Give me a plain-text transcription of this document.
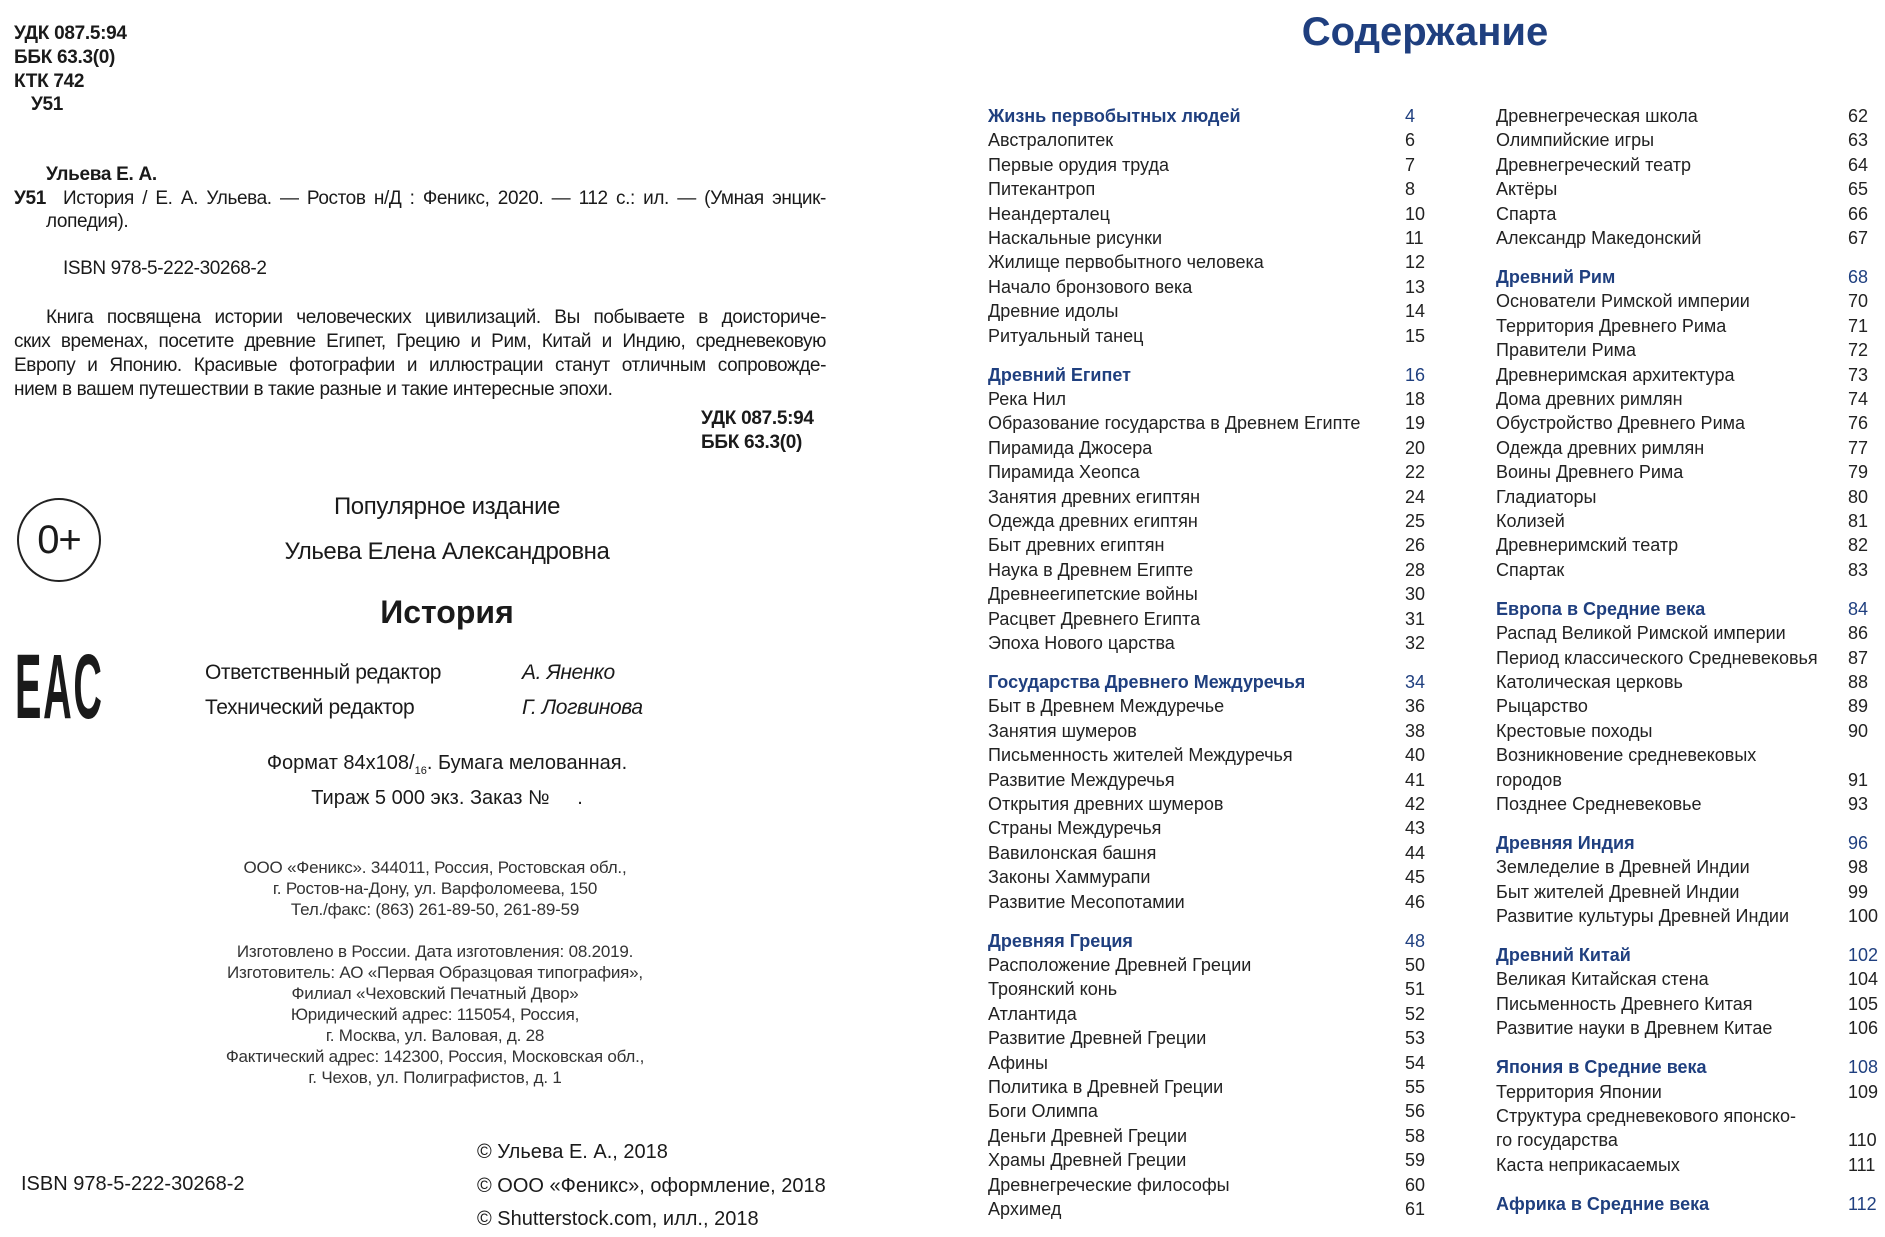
УДК 087.5:94
ББК 63.3(0)
КТК 742
У51
Ульева Е. А.
У51 История / Е. А. Ульева. — Ростов н/Д : Феникс, 2020. — 112 с.: ил. — (Умная энцик-
лопедия).
ISBN 978-5-222-30268-2
Книга посвящена истории человеческих цивилизаций. Вы побываете в доисториче-
ских временах, посетите древние Египет, Грецию и Рим, Китай и Индию, средневековую
Европу и Японию. Красивые фотографии и иллюстрации станут отличным сопровожде-
нием в вашем путешествии в такие разные и такие интересные эпохи.
УДК 087.5:94
ББК 63.3(0)
0+
EAC
Популярное издание
Ульева Елена Александровна
История
Ответственный редактор	А. Яненко
Технический редактор	Г. Логвинова
Формат $84х108/_{16}$. Бумага мелованная.
Тираж 5 000 экз. Заказ №     .
ООО «Феникс». 344011, Россия, Ростовская обл.,
г. Ростов-на-Дону, ул. Варфоломеева, 150
Тел./факс: (863) 261-89-50, 261-89-59
Изготовлено в России. Дата изготовления: 08.2019.
Изготовитель: АО «Первая Образцовая типография»,
Филиал «Чеховский Печатный Двор»
Юридический адрес: 115054, Россия,
г. Москва, ул. Валовая, д. 28
Фактический адрес: 142300, Россия, Московская обл.,
г. Чехов, ул. Полиграфистов, д. 1
ISBN 978-5-222-30268-2
© Ульева Е. А., 2018
© ООО «Феникс», оформление, 2018
© Shutterstock.com, илл., 2018
Содержание
Жизнь первобытных людей	4
Австралопитек	6
Первые орудия труда	7
Питекантроп	8
Неандерталец	10
Наскальные рисунки	11
Жилище первобытного человека	12
Начало бронзового века	13
Древние идолы	14
Ритуальный танец	15
Древний Египет	16
Река Нил	18
Образование государства в Древнем Египте 19
Пирамида Джосера	20
Пирамида Хеопса	22
Занятия древних египтян	24
Одежда древних египтян	25
Быт древних египтян	26
Наука в Древнем Египте	28
Древнеегипетские войны	30
Расцвет Древнего Египта	31
Эпоха Нового царства	32
Государства Древнего Междуречья	34
Быт в Древнем Междуречье	36
Занятия шумеров	38
Письменность жителей Междуречья	40
Развитие Междуречья	41
Открытия древних шумеров	42
Страны Междуречья	43
Вавилонская башня	44
Законы Хаммурапи	45
Развитие Месопотамии	46
Древняя Греция	48
Расположение Древней Греции	50
Троянский конь	51
Атлантида	52
Развитие Древней Греции	53
Афины	54
Политика в Древней Греции	55
Боги Олимпа	56
Деньги Древней Греции	58
Храмы Древней Греции	59
Древнегреческие философы	60
Архимед	61
Древнегреческая школа	62
Олимпийские игры	63
Древнегреческий театр	64
Актёры	65
Спарта	66
Александр Македонский	67
Древний Рим	68
Основатели Римской империи	70
Территория Древнего Рима	71
Правители Рима	72
Древнеримская архитектура	73
Дома древних римлян	74
Обустройство Древнего Рима	76
Одежда древних римлян	77
Воины Древнего Рима	79
Гладиаторы	80
Колизей	81
Древнеримский театр	82
Спартак	83
Европа в Средние века	84
Распад Великой Римской империи	86
Период классического Средневековья 87
Католическая церковь	88
Рыцарство	89
Крестовые походы	90
Возникновение средневековых
городов	91
Позднее Средневековье	93
Древняя Индия	96
Земледелие в Древней Индии	98
Быт жителей Древней Индии	99
Развитие культуры Древней Индии	100
Древний Китай	102
Великая Китайская стена	104
Письменность Древнего Китая	105
Развитие науки в Древнем Китае	106
Япония в Средние века	108
Территория Японии	109
Структура средневекового японско-
го государства	110
Каста неприкасаемых	111
Африка в Средние века	112
